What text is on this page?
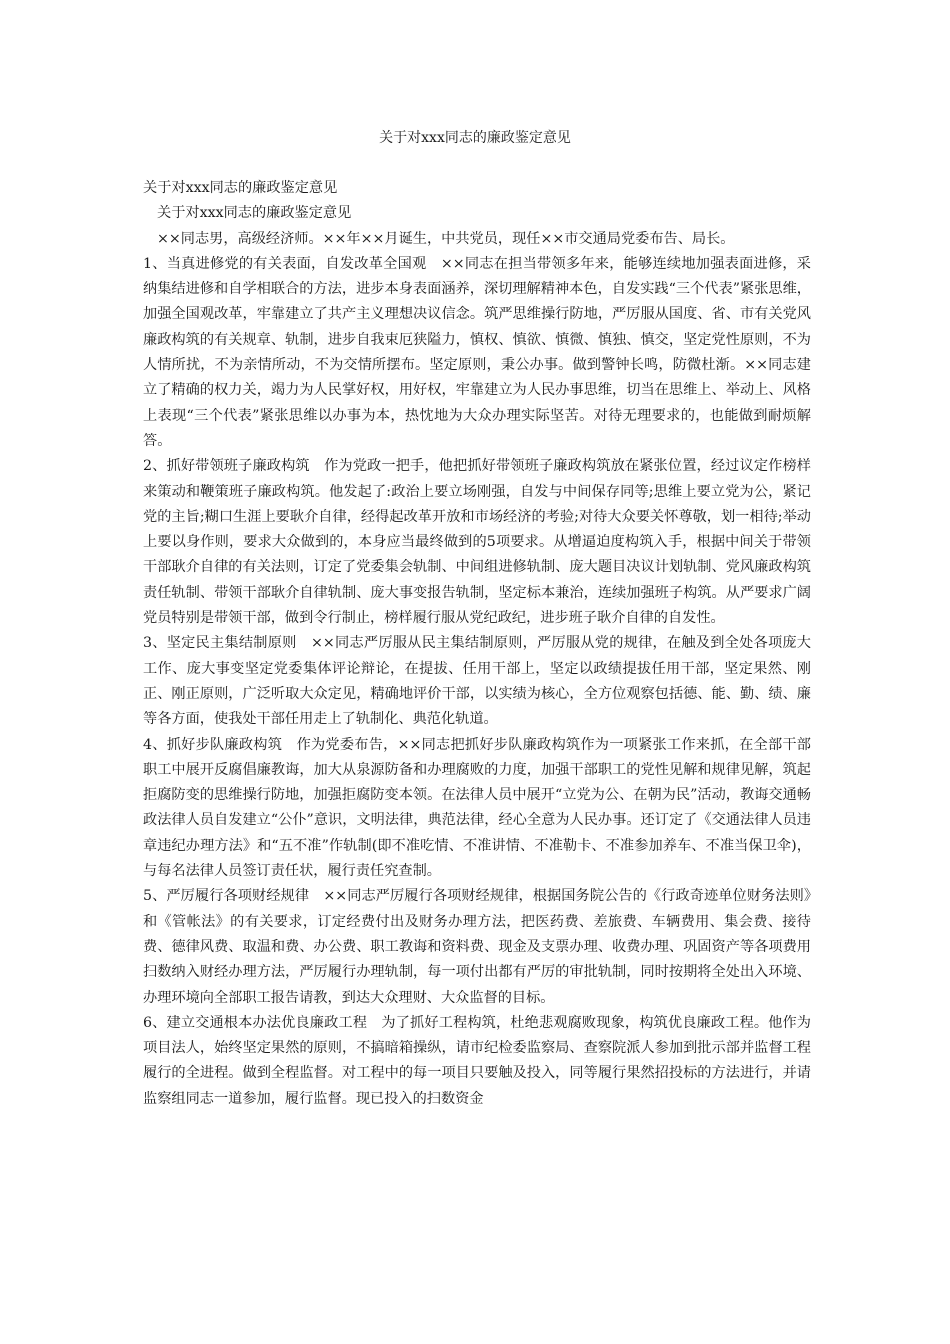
关于对xxx同志的廉政鉴定意见

关于对xxx同志的廉政鉴定意见

关于对xxx同志的廉政鉴定意见

××同志男，高级经济师。××年××月诞生，中共党员，现任××市交通局党委布告、局长。

1、当真进修党的有关表面，自发改革全国观　××同志在担当带领多年来，能够连续地加强表面进修，采纳集结进修和自学相联合的方法，进步本身表面涵养，深切理解精神本色，自发实践“三个代表”紧张思维，加强全国观改革，牢靠建立了共产主义理想决议信念。筑严思维操行防地，严厉服从国度、省、市有关党风廉政构筑的有关规章、轨制，进步自我束厄狭隘力，慎权、慎欲、慎微、慎独、慎交，坚定党性原则，不为人情所扰，不为亲情所动，不为交情所摆布。坚定原则，秉公办事。做到警钟长鸣，防微杜渐。××同志建立了精确的权力关，竭力为人民掌好权，用好权，牢靠建立为人民办事思维，切当在思维上、举动上、风格上表现“三个代表”紧张思维以办事为本，热忱地为大众办理实际坚苦。对待无理要求的，也能做到耐烦解答。

2、抓好带领班子廉政构筑　作为党政一把手，他把抓好带领班子廉政构筑放在紧张位置，经过议定作榜样来策动和鞭策班子廉政构筑。他发起了:政治上要立场刚强，自发与中间保存同等;思维上要立党为公，紧记党的主旨;糊口生涯上要耿介自律，经得起改革开放和市场经济的考验;对待大众要关怀尊敬，划一相待;举动上要以身作则，要求大众做到的，本身应当最终做到的5项要求。从增逼迫度构筑入手，根据中间关于带领干部耿介自律的有关法则，订定了党委集会轨制、中间组进修轨制、庞大题目决议计划轨制、党风廉政构筑责任轨制、带领干部耿介自律轨制、庞大事变报告轨制，坚定标本兼治，连续加强班子构筑。从严要求广阔党员特别是带领干部，做到令行制止，榜样履行服从党纪政纪，进步班子耿介自律的自发性。

3、坚定民主集结制原则　××同志严厉服从民主集结制原则，严厉服从党的规律，在触及到全处各项庞大工作、庞大事变坚定党委集体评论辩论，在提拔、任用干部上，坚定以政绩提拔任用干部，坚定果然、刚正、刚正原则，广泛听取大众定见，精确地评价干部，以实绩为核心，全方位观察包括德、能、勤、绩、廉等各方面，使我处干部任用走上了轨制化、典范化轨道。

4、抓好步队廉政构筑　作为党委布告，××同志把抓好步队廉政构筑作为一项紧张工作来抓，在全部干部职工中展开反腐倡廉教诲，加大从泉源防备和办理腐败的力度，加强干部职工的党性见解和规律见解，筑起拒腐防变的思维操行防地，加强拒腐防变本领。在法律人员中展开“立党为公、在朝为民”活动，教诲交通畅政法律人员自发建立“公仆”意识，文明法律，典范法律，经心全意为人民办事。还订定了《交通法律人员违章违纪办理方法》和“五不准”作轨制(即不准吃情、不准讲情、不准勒卡、不准参加养车、不准当保卫伞)，与每名法律人员签订责任状，履行责任究查制。

5、严厉履行各项财经规律　××同志严厉履行各项财经规律，根据国务院公告的《行政奇迹单位财务法则》和《管帐法》的有关要求，订定经费付出及财务办理方法，把医药费、差旅费、车辆费用、集会费、接待费、德律风费、取温和费、办公费、职工教诲和资料费、现金及支票办理、收费办理、巩固资产等各项费用扫数纳入财经办理方法，严厉履行办理轨制，每一项付出都有严厉的审批轨制，同时按期将全处出入环境、办理环境向全部职工报告请教，到达大众理财、大众监督的目标。

6、建立交通根本办法优良廉政工程　为了抓好工程构筑，杜绝悲观腐败现象，构筑优良廉政工程。他作为项目法人，始终坚定果然的原则，不搞暗箱操纵，请市纪检委监察局、查察院派人参加到批示部并监督工程履行的全进程。做到全程监督。对工程中的每一项目只要触及投入，同等履行果然招投标的方法进行，并请监察组同志一道参加，履行监督。现已投入的扫数资金
